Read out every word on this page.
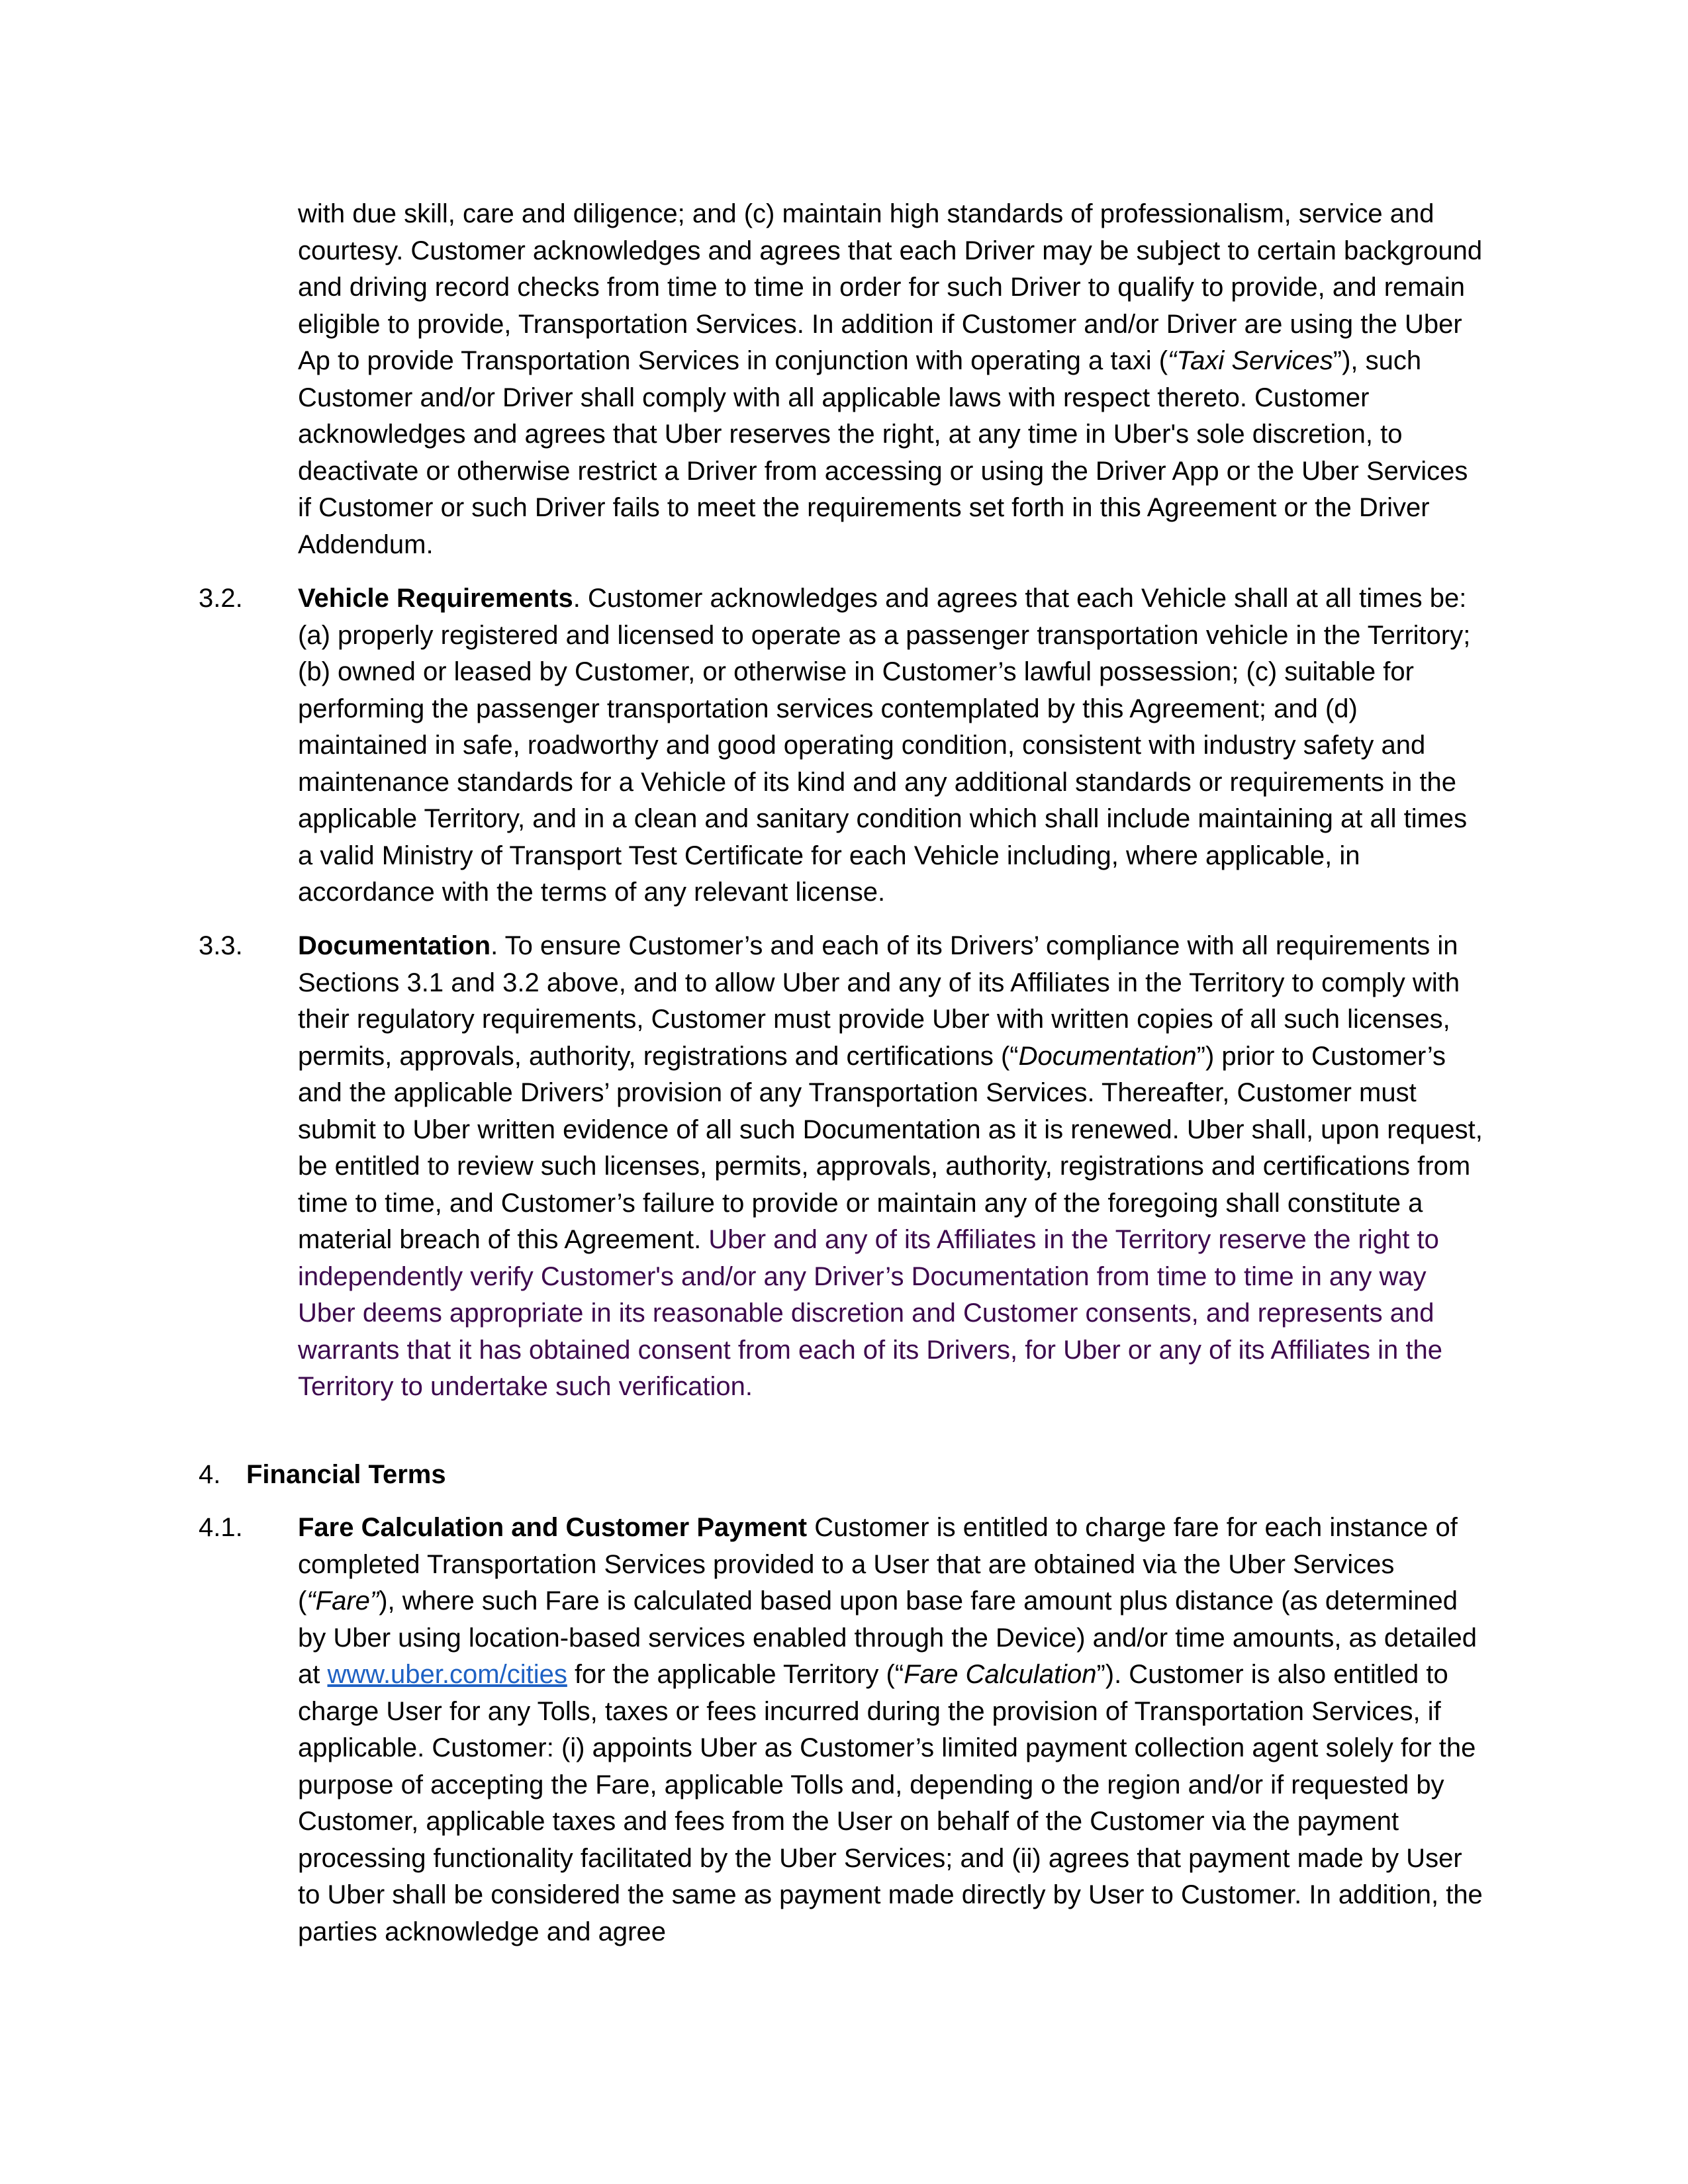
with due skill, care and diligence; and (c) maintain high standards of professionalism, service and courtesy. Customer acknowledges and agrees that each Driver may be subject to certain background and driving record checks from time to time in order for such Driver to qualify to provide, and remain eligible to provide, Transportation Services. In addition if Customer and/or Driver are using the Uber Ap to provide Transportation Services in conjunction with operating a taxi (“Taxi Services”), such Customer and/or Driver shall comply with all applicable laws with respect thereto. Customer acknowledges and agrees that Uber reserves the right, at any time in Uber's sole discretion, to deactivate or otherwise restrict a Driver from accessing or using the Driver App or the Uber Services if Customer or such Driver fails to meet the requirements set forth in this Agreement or the Driver Addendum.

3.2. Vehicle Requirements. Customer acknowledges and agrees that each Vehicle shall at all times be: (a) properly registered and licensed to operate as a passenger transportation vehicle in the Territory; (b) owned or leased by Customer, or otherwise in Customer’s lawful possession; (c) suitable for performing the passenger transportation services contemplated by this Agreement; and (d) maintained in safe, roadworthy and good operating condition, consistent with industry safety and maintenance standards for a Vehicle of its kind and any additional standards or requirements in the applicable Territory, and in a clean and sanitary condition which shall include maintaining at all times a valid Ministry of Transport Test Certificate for each Vehicle including, where applicable, in accordance with the terms of any relevant license.

3.3. Documentation. To ensure Customer’s and each of its Drivers’ compliance with all requirements in Sections 3.1 and 3.2 above, and to allow Uber and any of its Affiliates in the Territory to comply with their regulatory requirements, Customer must provide Uber with written copies of all such licenses, permits, approvals, authority, registrations and certifications (“Documentation”) prior to Customer’s and the applicable Drivers’ provision of any Transportation Services. Thereafter, Customer must submit to Uber written evidence of all such Documentation as it is renewed. Uber shall, upon request, be entitled to review such licenses, permits, approvals, authority, registrations and certifications from time to time, and Customer’s failure to provide or maintain any of the foregoing shall constitute a material breach of this Agreement. Uber and any of its Affiliates in the Territory reserve the right to independently verify Customer's and/or any Driver’s Documentation from time to time in any way Uber deems appropriate in its reasonable discretion and Customer consents, and represents and warrants that it has obtained consent from each of its Drivers, for Uber or any of its Affiliates in the Territory to undertake such verification.

4. Financial Terms
4.1. Fare Calculation and Customer Payment Customer is entitled to charge fare for each instance of completed Transportation Services provided to a User that are obtained via the Uber Services (“Fare”), where such Fare is calculated based upon base fare amount plus distance (as determined by Uber using location-based services enabled through the Device) and/or time amounts, as detailed at www.uber.com/cities for the applicable Territory (“Fare Calculation”). Customer is also entitled to charge User for any Tolls, taxes or fees incurred during the provision of Transportation Services, if applicable. Customer: (i) appoints Uber as Customer’s limited payment collection agent solely for the purpose of accepting the Fare, applicable Tolls and, depending o the region and/or if requested by Customer, applicable taxes and fees from the User on behalf of the Customer via the payment processing functionality facilitated by the Uber Services; and (ii) agrees that payment made by User to Uber shall be considered the same as payment made directly by User to Customer. In addition, the parties acknowledge and agree
